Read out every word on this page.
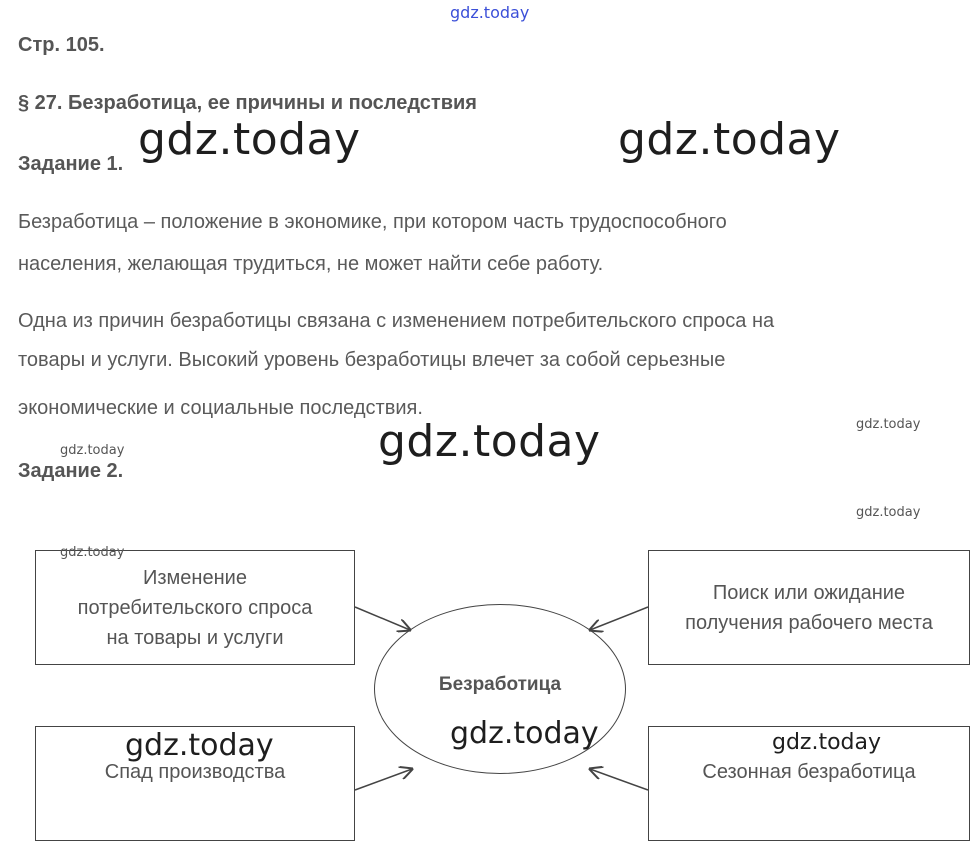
gdz.today
gdz.today	gdz.today
gdz.today	gdz.today
gdz.today
gdz.today
Стр. 105.
§ 27. Безработица, ее причины и последствия
Задание 1.
Безработица – положение в экономике, при котором часть трудоспособного
населения, желающая трудиться, не может найти себе работу.
Одна из причин безработицы связана с изменением потребительского спроса на
товары и услуги. Высокий уровень безработицы влечет за собой серьезные
экономические и социальные последствия.
Задание 2.
Изменение
потребительского спроса
на товары и услуги
gdz.today
Поиск или ожидание
получения рабочего места
Спад производства	Сезонная безработица
Безработица
gdz.today	gdz.today	gdz.today
